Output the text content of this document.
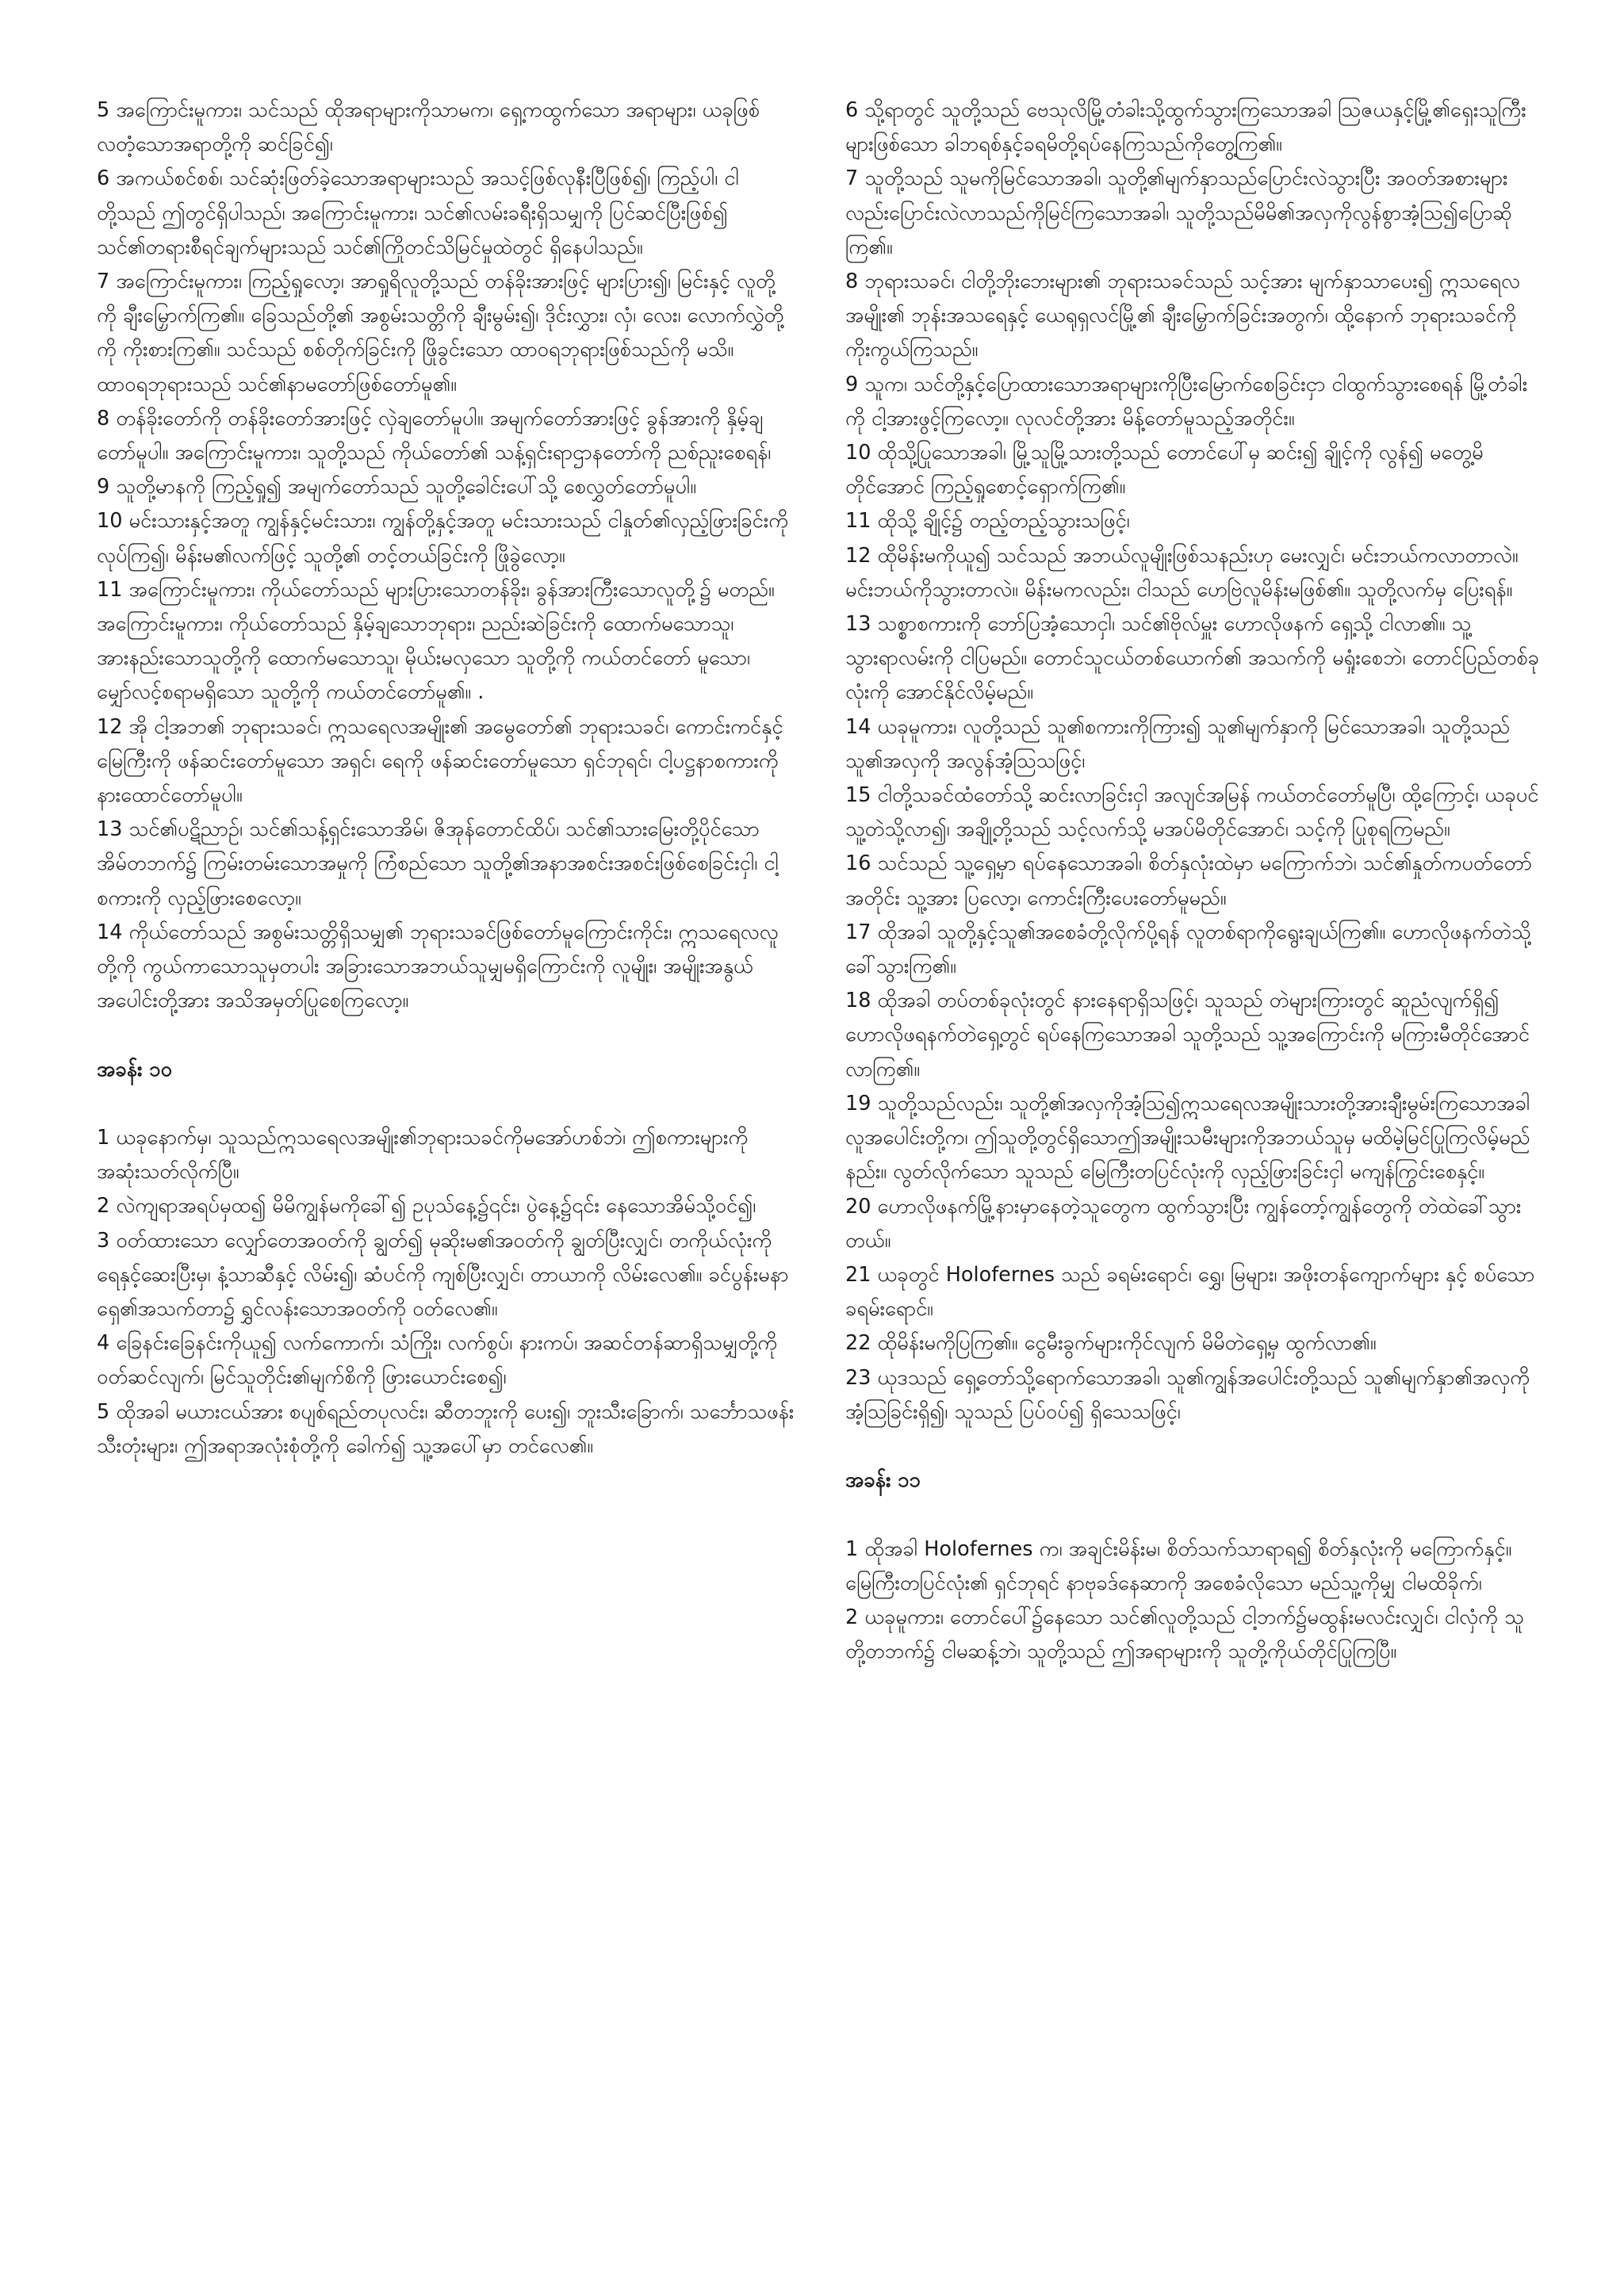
5 အကြောင်းမူကား၊ သင်သည် ထိုအရာများကိုသာမက၊ ရှေ့ကထွက်သော အရာများ၊ ယခုဖြစ်လတံ့သောအရာတို့ကို ဆင်ခြင်၍၊

6 အကယ်စင်စစ်၊ သင်ဆုံးဖြတ်ခဲ့သောအရာများသည် အသင့်ဖြစ်လုနီးပြီဖြစ်၍၊ ကြည့်ပါ၊ ငါတို့သည် ဤတွင်ရှိပါသည်၊ အကြောင်းမူကား၊ သင်၏လမ်းခရီးရှိသမျှကို ပြင်ဆင်ပြီးဖြစ်၍ သင်၏တရားစီရင်ချက်များသည် သင်၏ကြိုတင်သိမြင်မှုထဲတွင် ရှိနေပါသည်။

7 အကြောင်းမူကား၊ ကြည့်ရှုလော့၊ အာရှုရိလူတို့သည် တန်ခိုးအားဖြင့် များပြား၍၊ မြင်းနှင့် လူတို့ကို ချီးမြှောက်ကြ၏။ ခြေသည်တို့၏ အစွမ်းသတ္တိကို ချီးမွမ်း၍၊ ဒိုင်းလွှား၊ လှံ၊ လေး၊ လောက်လွှဲတို့ကို ကိုးစားကြ၏။ သင်သည် စစ်တိုက်ခြင်းကို ဖြိုခွင်းသော ထာဝရဘုရားဖြစ်သည်ကို မသိ။ ထာဝရဘုရားသည် သင်၏နာမတော်ဖြစ်တော်မူ၏။

8 တန်ခိုးတော်ကို တန်ခိုးတော်အားဖြင့် လှဲချတော်မူပါ။ အမျက်တော်အားဖြင့် ခွန်အားကို နှိမ့်ချတော်မူပါ။ အကြောင်းမူကား၊ သူတို့သည် ကိုယ်တော်၏ သန့်ရှင်းရာဌာနတော်ကို ညစ်ညူးစေရန်၊

9 သူတို့မာနကို ကြည့်ရှု၍ အမျက်တော်သည် သူတို့ခေါင်းပေါ်သို့ စေလွှတ်တော်မူပါ။

10 မင်းသားနှင့်အတူ ကျွန်နှင့်မင်းသား၊ ကျွန်တို့နှင့်အတူ မင်းသားသည် ငါနှုတ်၏လှည့်ဖြားခြင်းကို လုပ်ကြ၍၊ မိန်းမ၏လက်ဖြင့် သူတို့၏ တင့်တယ်ခြင်းကို ဖြိုခွဲလော့။

11 အကြောင်းမူကား၊ ကိုယ်တော်သည် များပြားသောတန်ခိုး၊ ခွန်အားကြီးသောလူတို့၌ မတည်။ အကြောင်းမူကား၊ ကိုယ်တော်သည် နှိမ့်ချသောဘုရား၊ ညည်းဆဲခြင်းကို ထောက်မသောသူ၊ အားနည်းသောသူတို့ကို ထောက်မသောသူ၊ မိုယ်းမလှသော သူတို့ကို ကယ်တင်တော် မူသော၊ မျှော်လင့်စရာမရှိသော သူတို့ကို ကယ်တင်တော်မူ၏။ .

12 အို ငါ့အဘ၏ ဘုရားသခင်၊ ဣသရေလအမျိုး၏ အမွေတော်၏ ဘုရားသခင်၊ ကောင်းကင်နှင့် မြေကြီးကို ဖန်ဆင်းတော်မူသော အရှင်၊ ရေကို ဖန်ဆင်းတော်မူသော ရှင်ဘုရင်၊ ငါ့ပဋ္ဌနာစကားကို နားထောင်တော်မူပါ။

13 သင်၏ပဋိညာဉ်၊ သင်၏သန့်ရှင်းသောအိမ်၊ ဇိအုန်တောင်ထိပ်၊ သင်၏သားမြေးတို့ပိုင်သော အိမ်တဘက်၌ ကြမ်းတမ်းသောအမှုကို ကြံစည်သော သူတို့၏အနာအစင်းအစင်းဖြစ်စေခြင်းငှါ၊ ငါ့စကားကို လှည့်ဖြားစေလော့။

14 ကိုယ်တော်သည် အစွမ်းသတ္တိရှိသမျှ၏ ဘုရားသခင်ဖြစ်တော်မူကြောင်းကိုင်း၊ ဣသရေလလူတို့ကို ကွယ်ကာသောသူမှတပါး အခြားသောအဘယ်သူမျှမရှိကြောင်းကို လူမျိုး၊ အမျိုးအနွယ်အပေါင်းတို့အား အသိအမှတ်ပြုစေကြလော့။

အခန်း ၁၀

1 ယခုနောက်မှ၊ သူသည်ဣသရေလအမျိုး၏ဘုရားသခင်ကိုမအော်ဟစ်ဘဲ၊ ဤစကားများကိုအဆုံးသတ်လိုက်ပြီ။

2 လဲကျရာအရပ်မှထ၍ မိမိကျွန်မကိုခေါ်၍ ဥပုသ်နေ့၌၎င်း၊ ပွဲနေ့၌၎င်း နေသောအိမ်သို့ဝင်၍၊

3 ဝတ်ထားသော လျှော်တေအဝတ်ကို ချွတ်၍ မုဆိုးမ၏အဝတ်ကို ချွတ်ပြီးလျှင်၊ တကိုယ်လုံးကို ရေနှင့်ဆေးပြီးမှ၊ နံ့သာဆီနှင့် လိမ်း၍၊ ဆံပင်ကို ကျစ်ပြီးလျှင်၊ တာယာကို လိမ်းလေ၏။ ခင်ပွန်းမနာရှေ၏အသက်တာ၌ ရွှင်လန်းသောအဝတ်ကို ဝတ်လေ၏။

4 ခြေနင်းခြေနင်းကိုယူ၍ လက်ကောက်၊ သံကြိုး၊ လက်စွပ်၊ နားကပ်၊ အဆင်တန်ဆာရှိသမျှတို့ကို ဝတ်ဆင်လျက်၊ မြင်သူတိုင်း၏မျက်စိကို ဖြားယောင်းစေ၍၊

5 ထိုအခါ မယားငယ်အား စပျစ်ရည်တပုလင်း၊ ဆီတဘူးကို ပေး၍၊ ဘူးသီးခြောက်၊ သင်္ဘောသဖန်းသီးတုံးများ၊ ဤအရာအလုံးစုံတို့ကို ခေါက်၍ သူ့အပေါ်မှာ တင်လေ၏။

6 သို့ရာတွင် သူတို့သည် ဗေသုလိမြို့တံခါးသို့ထွက်သွားကြသောအခါ ဩဇယနှင့်မြို့၏ရှေးသူကြီးများဖြစ်သော ခါဘရစ်နှင့်ခရမိတို့ရပ်နေကြသည်ကိုတွေ့ကြ၏။

7 သူတို့သည် သူမကိုမြင်သောအခါ၊ သူတို့၏မျက်နှာသည်ပြောင်းလဲသွားပြီး အဝတ်အစားများလည်းပြောင်းလဲလာသည်ကိုမြင်ကြသောအခါ၊ သူတို့သည်မိမိ၏အလှကိုလွန်စွာအံ့သြ၍ပြောဆိုကြ၏။

8 ဘုရားသခင်၊ ငါတို့ဘိုးဘေးများ၏ ဘုရားသခင်သည် သင့်အား မျက်နှာသာပေး၍ ဣသရေလအမျိုး၏ ဘုန်းအသရေနှင့် ယေရုရှလင်မြို့၏ ချီးမြှောက်ခြင်းအတွက်၊ ထို့နောက် ဘုရားသခင်ကို ကိုးကွယ်ကြသည်။

9 သူက၊ သင်တို့နှင့်ပြောထားသောအရာများကိုပြီးမြောက်စေခြင်းငှာ ငါထွက်သွားစေရန် မြို့တံခါးကို ငါ့အားဖွင့်ကြလော့။ လုလင်တို့အား မိန့်တော်မူသည့်အတိုင်း။

10 ထိုသို့ပြုသောအခါ၊ မြို့သူမြို့သားတို့သည် တောင်ပေါ်မှ ဆင်း၍ ချိုင့်ကို လွန်၍ မတွေ့မိတိုင်အောင် ကြည့်ရှုစောင့်ရှောက်ကြ၏။

11 ထိုသို့ ချိုင့်၌ တည့်တည့်သွားသဖြင့်၊

12 ထိုမိန်းမကိုယူ၍ သင်သည် အဘယ်လူမျိုးဖြစ်သနည်းဟု မေးလျှင်၊ မင်းဘယ်ကလာတာလဲ။ မင်းဘယ်ကိုသွားတာလဲ။ မိန်းမကလည်း၊ ငါသည် ဟေဗြဲလူမိန်းမဖြစ်၏။ သူတို့လက်မှ ပြေးရန်။

13 သစ္စာစကားကို ဘော်ပြအံ့သောငှါ၊ သင်၏ဗိုလ်မှူး ဟောလိုဖနက် ရှေ့သို့ ငါလာ၏။ သူ့သွားရာလမ်းကို ငါပြမည်။ တောင်သူငယ်တစ်ယောက်၏ အသက်ကို မရှုံးစေဘဲ၊ တောင်ပြည်တစ်ခုလုံးကို အောင်နိုင်လိမ့်မည်။

14 ယခုမူကား၊ လူတို့သည် သူ၏စကားကိုကြား၍ သူ၏မျက်နှာကို မြင်သောအခါ၊ သူတို့သည် သူ၏အလှကို အလွန်အံ့သြသဖြင့်၊

15 ငါတို့သခင်ထံတော်သို့ ဆင်းလာခြင်းငှါ အလျင်အမြန် ကယ်တင်တော်မူပြီ၊ ထို့ကြောင့်၊ ယခုပင် သူ့တဲသို့လာ၍၊ အချို့တို့သည် သင့်လက်သို့ မအပ်မိတိုင်အောင်၊ သင့်ကို ပြုစုရကြမည်။

16 သင်သည် သူ့ရှေ့မှာ ရပ်နေသောအခါ၊ စိတ်နှလုံးထဲမှာ မကြောက်ဘဲ၊ သင်၏နှုတ်ကပတ်တော်အတိုင်း သူ့အား ပြလော့၊ ကောင်းကြီးပေးတော်မူမည်။

17 ထိုအခါ သူတို့နှင့်သူ၏အစေခံတို့လိုက်ပို့ရန် လူတစ်ရာကိုရွေးချယ်ကြ၏။ ဟောလိုဖနက်တဲသို့ ခေါ်သွားကြ၏။

18 ထိုအခါ တပ်တစ်ခုလုံးတွင် နားနေရာရှိသဖြင့်၊ သူသည် တဲများကြားတွင် ဆူညံလျက်ရှိ၍ ဟောလိုဖရနက်တဲရှေ့တွင် ရပ်နေကြသောအခါ သူတို့သည် သူ့အကြောင်းကို မကြားမီတိုင်အောင် လာကြ၏။

19 သူတို့သည်လည်း၊ သူတို့၏အလှကိုအံ့သြ၍ဣသရေလအမျိုးသားတို့အားချီးမွမ်းကြသောအခါ လူအပေါင်းတို့က၊ ဤသူတို့တွင်ရှိသောဤအမျိုးသမီးများကိုအဘယ်သူမှ မထိမဲ့မြင်ပြုကြလိမ့်မည်နည်း။ လွတ်လိုက်သော သူသည် မြေကြီးတပြင်လုံးကို လှည့်ဖြားခြင်းငှါ မကျန်ကြွင်းစေနှင့်။

20 ဟောလိုဖနက်မြို့နားမှာနေတဲ့သူတွေက ထွက်သွားပြီး ကျွန်တော့်ကျွန်တွေကို တဲထဲခေါ်သွားတယ်။

21 ယခုတွင် Holofernes သည် ခရမ်းရောင်၊ ရွှေ၊ မြများ၊ အဖိုးတန်ကျောက်များ နှင့် စပ်သော ခရမ်းရောင်။

22 ထိုမိန်းမကိုပြကြ၏။ ငွေမီးခွက်များကိုင်လျက် မိမိတဲရှေ့မှ ထွက်လာ၏။

23 ယုဒသည် ရှေ့တော်သို့ရောက်သောအခါ၊ သူ၏ကျွန်အပေါင်းတို့သည် သူ၏မျက်နှာ၏အလှကို အံ့သြခြင်းရှိ၍၊ သူသည် ပြပ်ဝပ်၍ ရှိသေသဖြင့်၊

အခန်း ၁၁

1 ထိုအခါ Holofernes က၊ အချင်းမိန်းမ၊ စိတ်သက်သာရာရ၍ စိတ်နှလုံးကို မကြောက်နှင့်။ မြေကြီးတပြင်လုံး၏ ရှင်ဘုရင် နာဗုခဒ်နေဆာကို အစေခံလိုသော မည်သူ့ကိုမျှ ငါမထိခိုက်၊

2 ယခုမူကား၊ တောင်ပေါ်၌နေသော သင်၏လူတို့သည် ငါ့ဘက်၌မထွန်းမလင်းလျှင်၊ ငါလှံကို သူတို့တဘက်၌ ငါမဆန့်ဘဲ၊ သူတို့သည် ဤအရာများကို သူတို့ကိုယ်တိုင်ပြုကြပြီ။
